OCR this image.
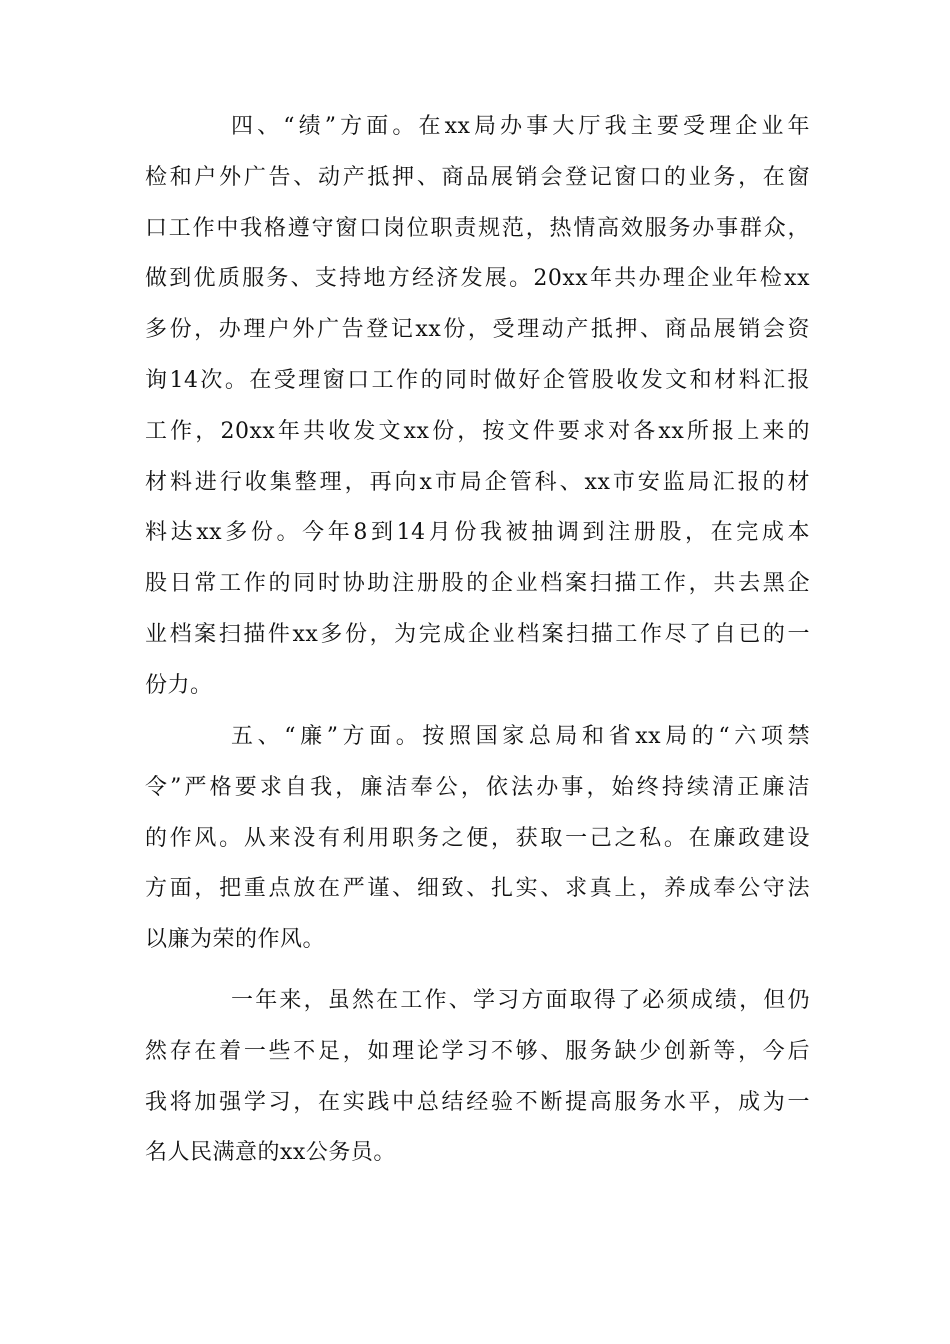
四、“绩”方面。在xx局办事大厅我主要受理企业年
检和户外广告、动产抵押、商品展销会登记窗口的业务，在窗
口工作中我格遵守窗口岗位职责规范，热情高效服务办事群众，
做到优质服务、支持地方经济发展。20xx年共办理企业年检xx
多份，办理户外广告登记xx份，受理动产抵押、商品展销会资
询14次。在受理窗口工作的同时做好企管股收发文和材料汇报
工作，20xx年共收发文xx份，按文件要求对各xx所报上来的
材料进行收集整理，再向x市局企管科、xx市安监局汇报的材
料达xx多份。今年8到14月份我被抽调到注册股，在完成本
股日常工作的同时协助注册股的企业档案扫描工作，共去黑企
业档案扫描件xx多份，为完成企业档案扫描工作尽了自已的一
份力。
五、“廉”方面。按照国家总局和省xx局的“六项禁
令”严格要求自我，廉洁奉公，依法办事，始终持续清正廉洁
的作风。从来没有利用职务之便，获取一己之私。在廉政建设
方面，把重点放在严谨、细致、扎实、求真上，养成奉公守法
以廉为荣的作风。
一年来，虽然在工作、学习方面取得了必须成绩，但仍
然存在着一些不足，如理论学习不够、服务缺少创新等，今后
我将加强学习，在实践中总结经验不断提高服务水平，成为一
名人民满意的xx公务员。
